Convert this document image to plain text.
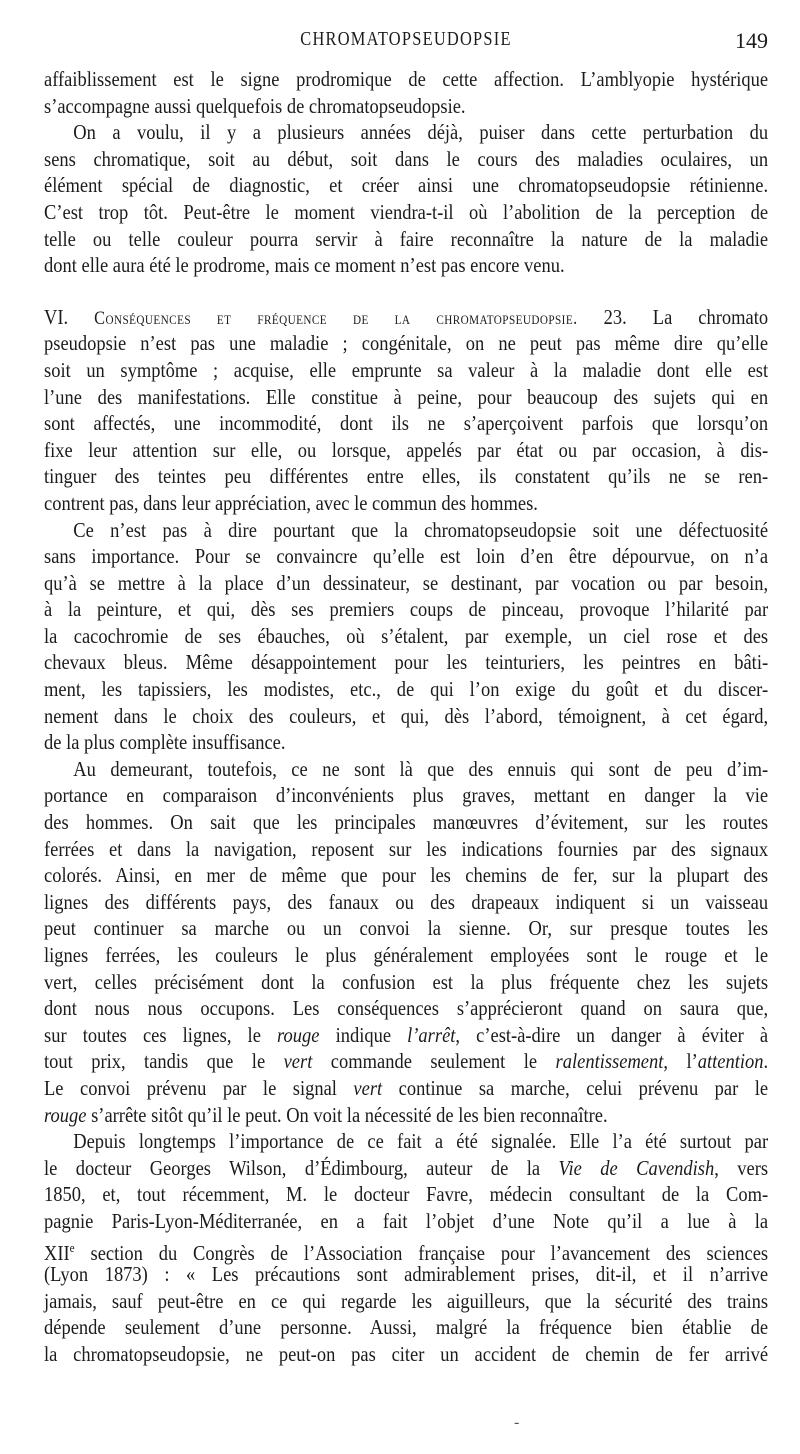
CHROMATOPSEUDOPSIE	149
affaiblissement est le signe prodromique de cette affection. L’amblyopie hystérique
s’accompagne aussi quelquefois de chromatopseudopsie.
On a voulu, il y a plusieurs années déjà, puiser dans cette perturbation du
sens chromatique, soit au début, soit dans le cours des maladies oculaires, un
élément spécial de diagnostic, et créer ainsi une chromatopseudopsie rétinienne.
C’est trop tôt. Peut-être le moment viendra-t-il où l’abolition de la perception de
telle ou telle couleur pourra servir à faire reconnaître la nature de la maladie
dont elle aura été le prodrome, mais ce moment n’est pas encore venu.
VI. Conséquences et fréquence de la chromatopseudopsie. 23. La chromato
pseudopsie n’est pas une maladie ; congénitale, on ne peut pas même dire qu’elle
soit un symptôme ; acquise, elle emprunte sa valeur à la maladie dont elle est
l’une des manifestations. Elle constitue à peine, pour beaucoup des sujets qui en
sont affectés, une incommodité, dont ils ne s’aperçoivent parfois que lorsqu’on
fixe leur attention sur elle, ou lorsque, appelés par état ou par occasion, à dis-
tinguer des teintes peu différentes entre elles, ils constatent qu’ils ne se ren-
contrent pas, dans leur appréciation, avec le commun des hommes.
Ce n’est pas à dire pourtant que la chromatopseudopsie soit une défectuosité
sans importance. Pour se convaincre qu’elle est loin d’en être dépourvue, on n’a
qu’à se mettre à la place d’un dessinateur, se destinant, par vocation ou par besoin,
à la peinture, et qui, dès ses premiers coups de pinceau, provoque l’hilarité par
la cacochromie de ses ébauches, où s’étalent, par exemple, un ciel rose et des
chevaux bleus. Même désappointement pour les teinturiers, les peintres en bâti-
ment, les tapissiers, les modistes, etc., de qui l’on exige du goût et du discer-
nement dans le choix des couleurs, et qui, dès l’abord, témoignent, à cet égard,
de la plus complète insuffisance.
Au demeurant, toutefois, ce ne sont là que des ennuis qui sont de peu d’im-
portance en comparaison d’inconvénients plus graves, mettant en danger la vie
des hommes. On sait que les principales manœuvres d’évitement, sur les routes
ferrées et dans la navigation, reposent sur les indications fournies par des signaux
colorés. Ainsi, en mer de même que pour les chemins de fer, sur la plupart des
lignes des différents pays, des fanaux ou des drapeaux indiquent si un vaisseau
peut continuer sa marche ou un convoi la sienne. Or, sur presque toutes les
lignes ferrées, les couleurs le plus généralement employées sont le rouge et le
vert, celles précisément dont la confusion est la plus fréquente chez les sujets
dont nous nous occupons. Les conséquences s’apprécieront quand on saura que,
sur toutes ces lignes, le rouge indique l’arrêt, c’est-à-dire un danger à éviter à
tout prix, tandis que le vert commande seulement le ralentissement, l’attention.
Le convoi prévenu par le signal vert continue sa marche, celui prévenu par le
rouge s’arrête sitôt qu’il le peut. On voit la nécessité de les bien reconnaître.
Depuis longtemps l’importance de ce fait a été signalée. Elle l’a été surtout par
le docteur Georges Wilson, d’Édimbourg, auteur de la Vie de Cavendish, vers
1850, et, tout récemment, M. le docteur Favre, médecin consultant de la Com-
pagnie Paris-Lyon-Méditerranée, en a fait l’objet d’une Note qu’il a lue à la
XIIe section du Congrès de l’Association française pour l’avancement des sciences
(Lyon 1873) : « Les précautions sont admirablement prises, dit-il, et il n’arrive
jamais, sauf peut-être en ce qui regarde les aiguilleurs, que la sécurité des trains
dépende seulement d’une personne. Aussi, malgré la fréquence bien établie de
la chromatopseudopsie, ne peut-on pas citer un accident de chemin de fer arrivé
-
